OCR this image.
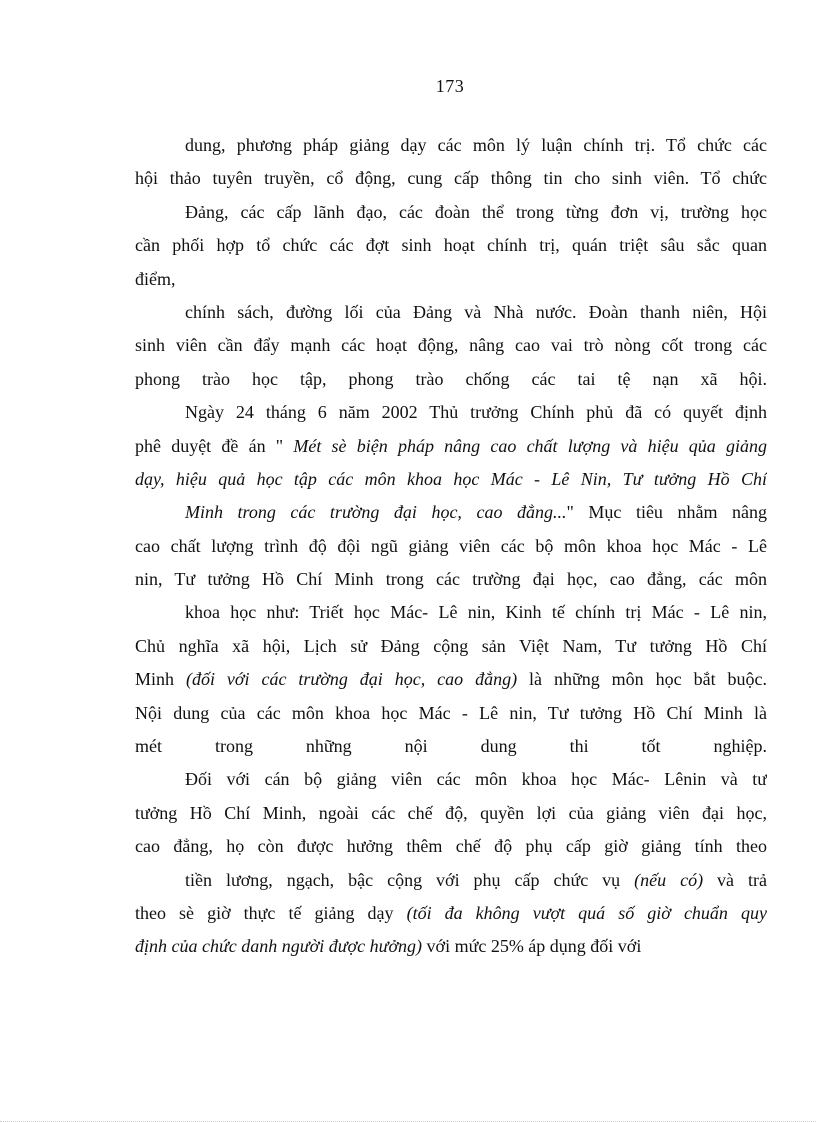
173
dung, phương pháp giảng dạy các môn lý luận chính trị. Tổ chức các
hội thảo tuyên truyền, cổ động, cung cấp thông tin cho sinh viên. Tổ chức
Đảng, các cấp lãnh đạo, các đoàn thể trong từng đơn vị, trường học
cần phối hợp tổ chức các đợt sinh hoạt chính trị, quán triệt sâu sắc quan
điểm,
chính sách, đường lối của Đảng và Nhà nước. Đoàn thanh niên, Hội
sinh viên cần đẩy mạnh các hoạt động, nâng cao vai trò nòng cốt trong các
phong trào học tập, phong trào chống các tai tệ nạn xã hội.
Ngày 24 tháng 6 năm 2002 Thủ trưởng Chính phủ đã có quyết định
phê duyệt đề án " Mét sè biện pháp nâng cao chất lượng và hiệu qủa giảng
dạy, hiệu quả học tập các môn khoa học Mác - Lê Nin, Tư tưởng Hồ Chí
Minh trong các trường đại học, cao đẳng..." Mục tiêu nhằm nâng
cao chất lượng trình độ đội ngũ giảng viên các bộ môn khoa học Mác - Lê
nin, Tư tưởng Hồ Chí Minh trong các trường đại học, cao đẳng, các môn
khoa học như: Triết học Mác- Lê nin, Kinh tế chính trị Mác - Lê nin,
Chủ nghĩa xã hội, Lịch sử Đảng cộng sản Việt Nam, Tư tưởng Hồ Chí
Minh (đối với các trường đại học, cao đẳng) là những môn học bắt buộc.
Nội dung của các môn khoa học Mác - Lê nin, Tư tưởng Hồ Chí Minh là
mét trong những nội dung thi tốt nghiệp.
Đối với cán bộ giảng viên các môn khoa học Mác- Lênin và tư
tưởng Hồ Chí Minh, ngoài các chế độ, quyền lợi của giảng viên đại học,
cao đẳng, họ còn được hưởng thêm chế độ phụ cấp giờ giảng tính theo
tiền lương, ngạch, bậc cộng với phụ cấp chức vụ (nếu có) và trả
theo sè giờ thực tế giảng dạy (tối đa không vượt quá số giờ chuẩn quy
định của chức danh người được hưởng) với mức 25% áp dụng đối với
